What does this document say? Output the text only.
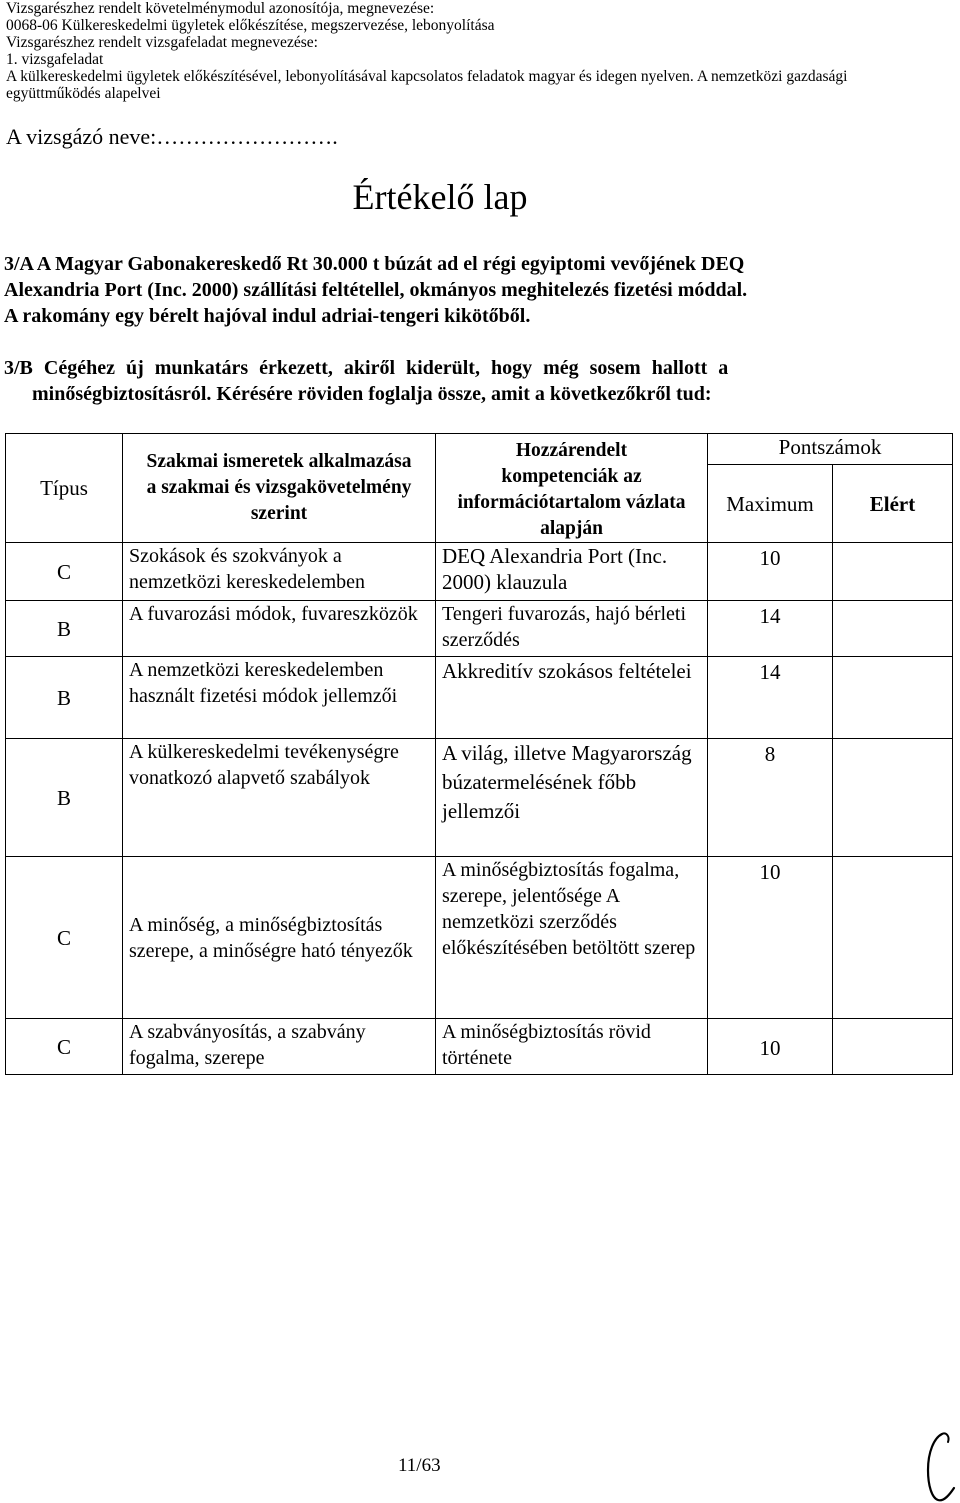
Vizsgarészhez rendelt követelménymodul azonosítója, megnevezése:
0068-06 Külkereskedelmi ügyletek előkészítése, megszervezése, lebonyolítása
Vizsgarészhez rendelt vizsgafeladat megnevezése:
1. vizsgafeladat
A külkereskedelmi ügyletek előkészítésével, lebonyolításával kapcsolatos feladatok magyar és idegen nyelven. A nemzetközi gazdasági
együttműködés alapelvei
A vizsgázó neve:…………………….
Értékelő lap
3/A A Magyar Gabonakereskedő Rt 30.000 t búzát ad el régi egyiptomi vevőjének DEQ
Alexandria Port (Inc. 2000) szállítási feltétellel, okmányos meghitelezés fizetési móddal.
A rakomány egy bérelt hajóval indul adriai-tengeri kikötőből.
3/B Cégéhez új munkatárs érkezett, akiről kiderült, hogy még sosem hallott a
minőségbiztosításról. Kérésére röviden foglalja össze, amit a következőkről tud:
Típus	Szakmai ismeretek alkalmazása a szakmai és vizsgakövetelmény szerint	Hozzárendelt kompetenciák az információtartalom vázlata alapján	Pontszámok	
			Maximum	Elért
C	Szokások és szokványok a nemzetközi kereskedelemben	DEQ Alexandria Port (Inc. 2000) klauzula	10	
B	A fuvarozási módok, fuvareszközök	Tengeri fuvarozás, hajó bérleti szerződés	14	
B	A nemzetközi kereskedelemben használt fizetési módok jellemzői	Akkreditív szokásos feltételei	14	
B	A külkereskedelmi tevékenységre vonatkozó alapvető szabályok	A világ, illetve Magyarország búzatermelésének főbb jellemzői	8	
C	A minőség, a minőségbiztosítás szerepe, a minőségre ható tényezők	A minőségbiztosítás fogalma, szerepe, jelentősége A nemzetközi szerződés előkészítésében betöltött szerep	10	
C	A szabványosítás, a szabvány fogalma, szerepe	A minőségbiztosítás rövid története	10	
11/63
